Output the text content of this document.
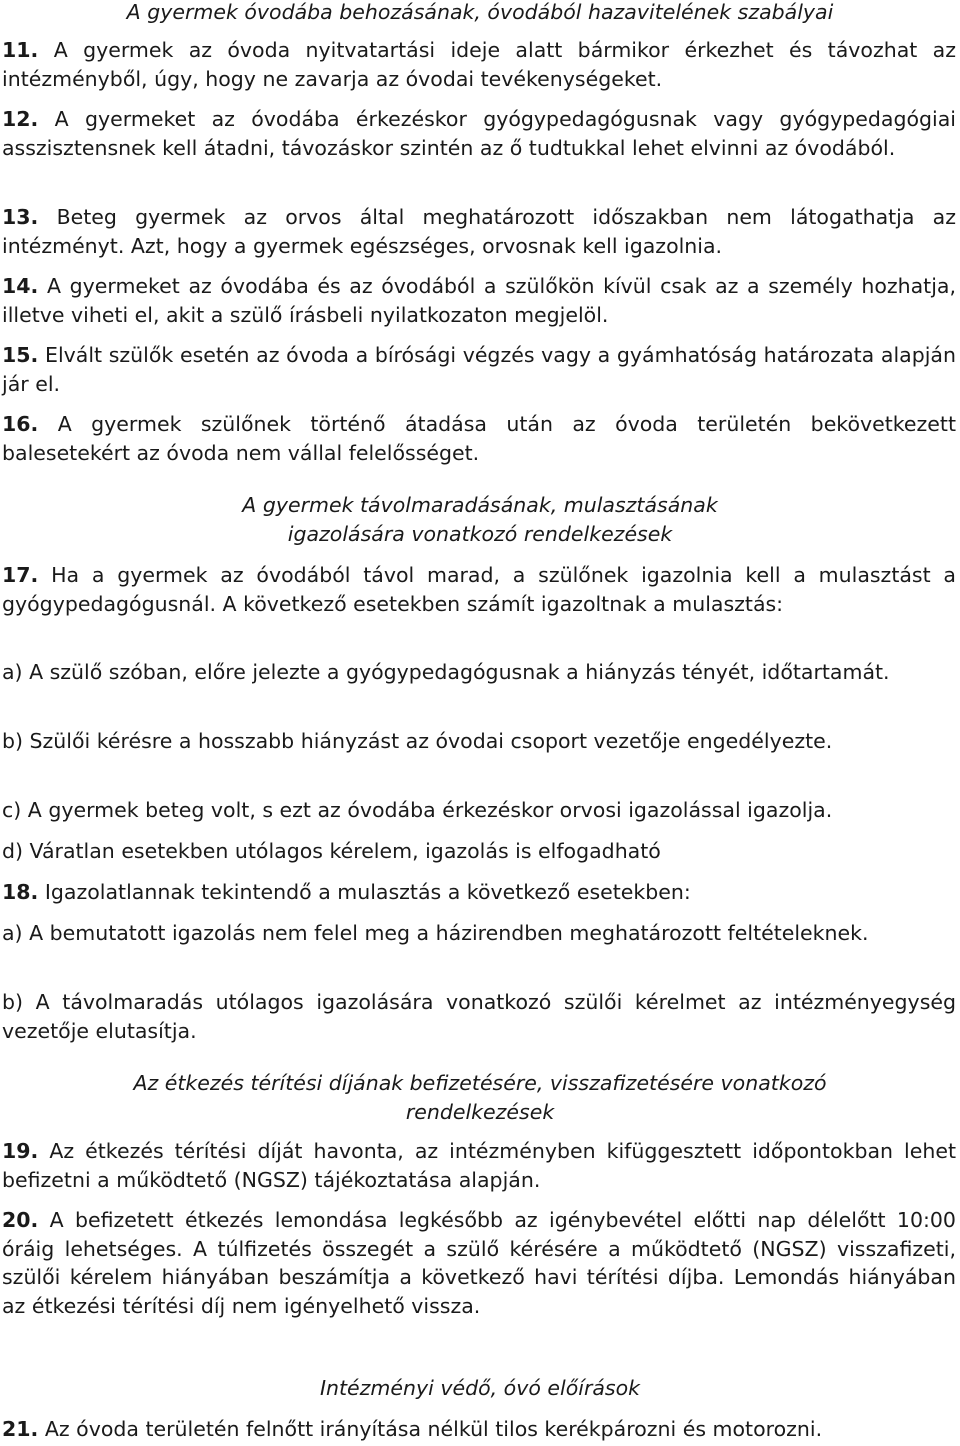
A gyermek óvodába behozásának, óvodából hazavitelének szabályai

11. A gyermek az óvoda nyitvatartási ideje alatt bármikor érkezhet és távozhat az intézményből, úgy, hogy ne zavarja az óvodai tevékenységeket.

12. A gyermeket az óvodába érkezéskor gyógypedagógusnak vagy gyógypedagógiai asszisztensnek kell átadni, távozáskor szintén az ő tudtukkal lehet elvinni az óvodából.

13. Beteg gyermek az orvos által meghatározott időszakban nem látogathatja az intézményt. Azt, hogy a gyermek egészséges, orvosnak kell igazolnia.

14. A gyermeket az óvodába és az óvodából a szülőkön kívül csak az a személy hozhatja, illetve viheti el, akit a szülő írásbeli nyilatkozaton megjelöl.

15. Elvált szülők esetén az óvoda a bírósági végzés vagy a gyámhatóság határozata alapján jár el.

16. A gyermek szülőnek történő átadása után az óvoda területén bekövetkezett balesetekért az óvoda nem vállal felelősséget.

A gyermek távolmaradásának, mulasztásának igazolására vonatkozó rendelkezések

17. Ha a gyermek az óvodából távol marad, a szülőnek igazolnia kell a mulasztást a gyógypedagógusnál. A következő esetekben számít igazoltnak a mulasztás:

a) A szülő szóban, előre jelezte a gyógypedagógusnak a hiányzás tényét, időtartamát.

b) Szülői kérésre a hosszabb hiányzást az óvodai csoport vezetője engedélyezte.

c) A gyermek beteg volt, s ezt az óvodába érkezéskor orvosi igazolással igazolja.

d) Váratlan esetekben utólagos kérelem, igazolás is elfogadható

18. Igazolatlannak tekintendő a mulasztás a következő esetekben:

a) A bemutatott igazolás nem felel meg a házirendben meghatározott feltételeknek.

b) A távolmaradás utólagos igazolására vonatkozó szülői kérelmet az intézményegység vezetője elutasítja.

Az étkezés térítési díjának befizetésére, visszafizetésére vonatkozó rendelkezések

19. Az étkezés térítési díját havonta, az intézményben kifüggesztett időpontokban lehet befizetni a működtető (NGSZ) tájékoztatása alapján.

20. A befizetett étkezés lemondása legkésőbb az igénybevétel előtti nap délelőtt 10:00 óráig lehetséges. A túlfizetés összegét a szülő kérésére a működtető (NGSZ) visszafizeti, szülői kérelem hiányában beszámítja a következő havi térítési díjba. Lemondás hiányában az étkezési térítési díj nem igényelhető vissza.

Intézményi védő, óvó előírások

21. Az óvoda területén felnőtt irányítása nélkül tilos kerékpározni és motorozni.
